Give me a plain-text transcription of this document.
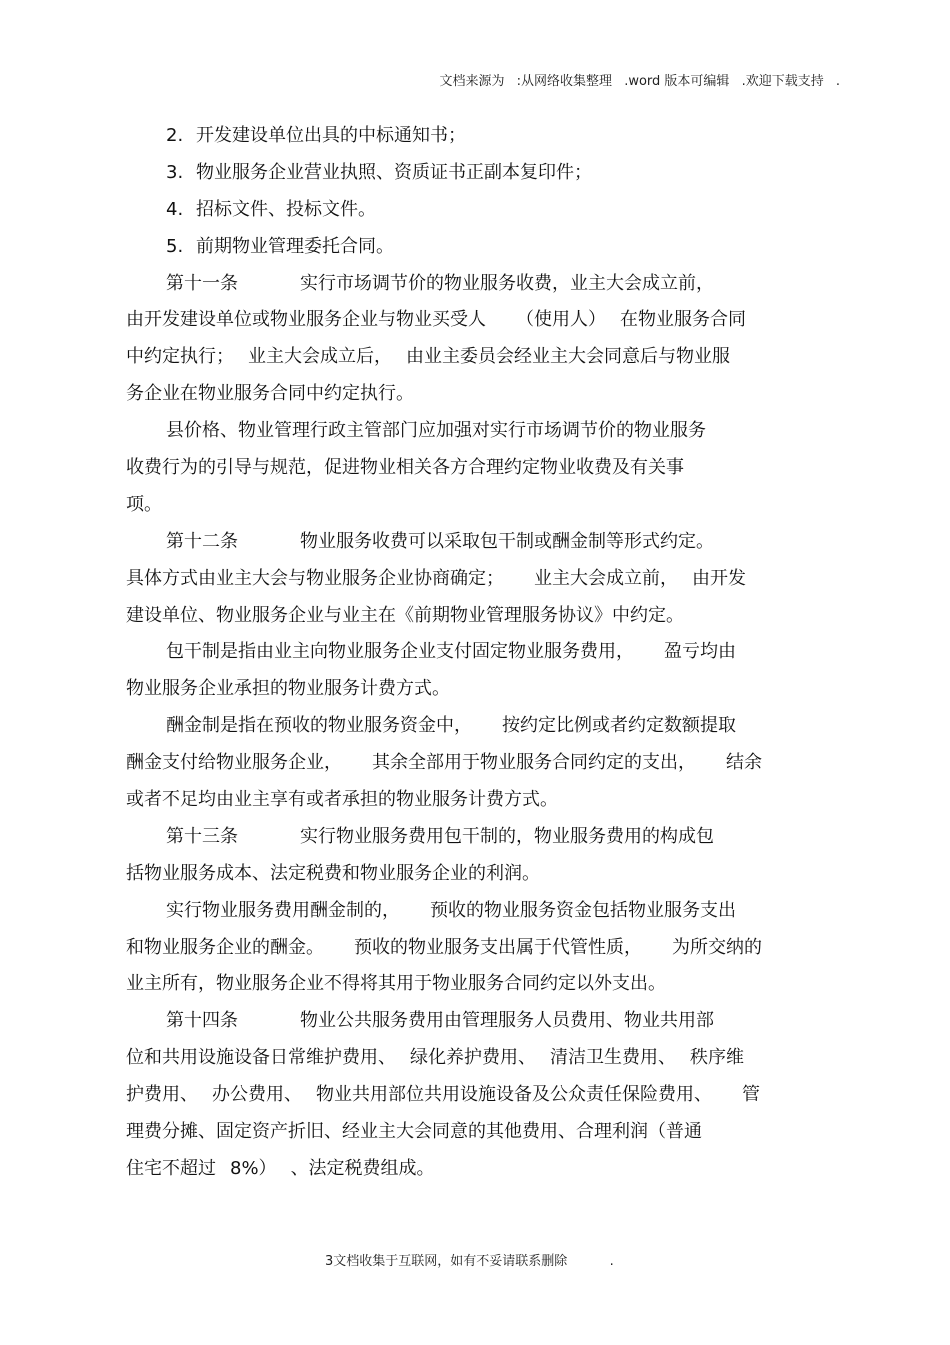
文档来源为 :从网络收集整理 .word 版本可编辑 .欢迎下载支持 .
2. 开发建设单位出具的中标通知书；
3. 物业服务企业营业执照、资质证书正副本复印件；
4. 招标文件、投标文件。
5. 前期物业管理委托合同。
第十一条	实行市场调节价的物业服务收费，业主大会成立前，
由开发建设单位或物业服务企业与物业买受人 （使用人） 在物业服务合同
中约定执行； 业主大会成立后， 由业主委员会经业主大会同意后与物业服
务企业在物业服务合同中约定执行。
县价格、物业管理行政主管部门应加强对实行市场调节价的物业服务
收费行为的引导与规范，促进物业相关各方合理约定物业收费及有关事
项。
第十二条	物业服务收费可以采取包干制或酬金制等形式约定。
具体方式由业主大会与物业服务企业协商确定； 业主大会成立前， 由开发
建设单位、物业服务企业与业主在《前期物业管理服务协议》中约定。
包干制是指由业主向物业服务企业支付固定物业服务费用， 盈亏均由
物业服务企业承担的物业服务计费方式。
酬金制是指在预收的物业服务资金中， 按约定比例或者约定数额提取
酬金支付给物业服务企业， 其余全部用于物业服务合同约定的支出， 结余
或者不足均由业主享有或者承担的物业服务计费方式。
第十三条	实行物业服务费用包干制的，物业服务费用的构成包
括物业服务成本、法定税费和物业服务企业的利润。
实行物业服务费用酬金制的， 预收的物业服务资金包括物业服务支出
和物业服务企业的酬金。 预收的物业服务支出属于代管性质， 为所交纳的
业主所有，物业服务企业不得将其用于物业服务合同约定以外支出。
第十四条	物业公共服务费用由管理服务人员费用、物业共用部
位和共用设施设备日常维护费用、 绿化养护费用、 清洁卫生费用、 秩序维
护费用、 办公费用、 物业共用部位共用设施设备及公众责任保险费用、 管
理费分摊、固定资产折旧、经业主大会同意的其他费用、合理利润（普通
住宅不超过 8%） 、法定税费组成。
3文档收集于互联网，如有不妥请联系删除	.
